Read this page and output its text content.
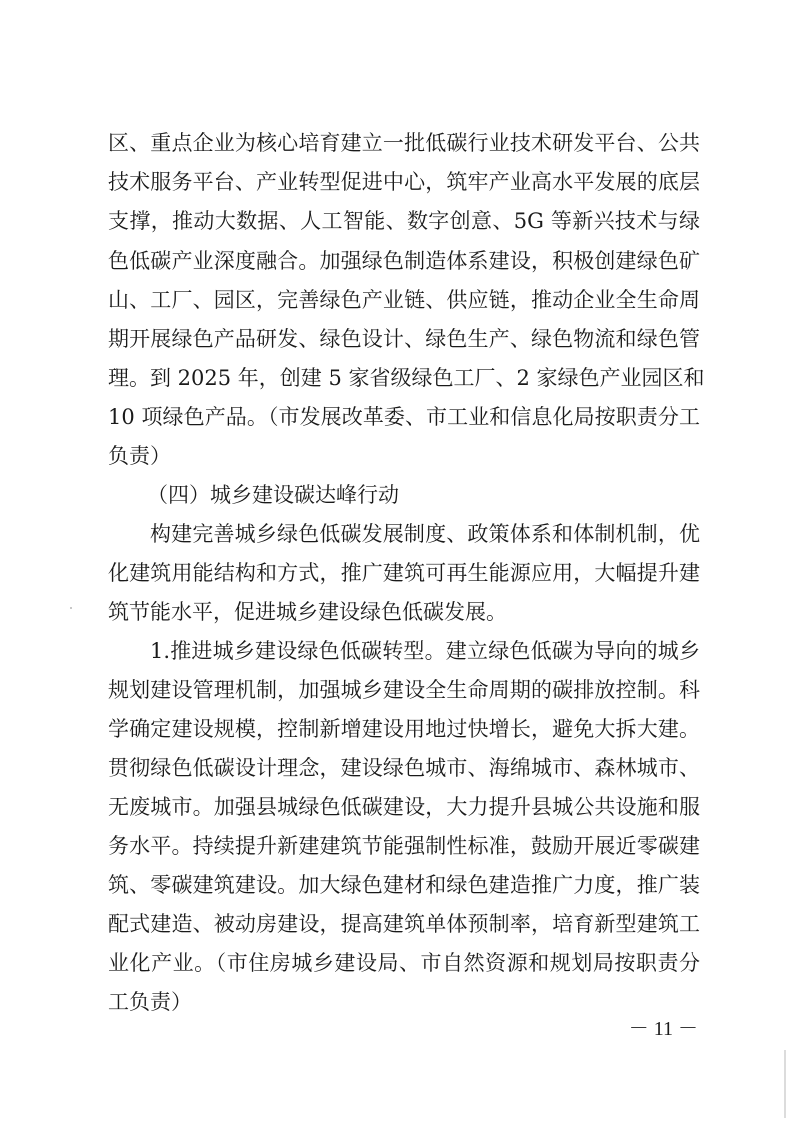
区、重点企业为核心培育建立一批低碳行业技术研发平台、公共
技术服务平台、产业转型促进中心，筑牢产业高水平发展的底层
支撑，推动大数据、人工智能、数字创意、5G 等新兴技术与绿
色低碳产业深度融合。加强绿色制造体系建设，积极创建绿色矿
山、工厂、园区，完善绿色产业链、供应链，推动企业全生命周
期开展绿色产品研发、绿色设计、绿色生产、绿色物流和绿色管
理。到 2025 年，创建 5 家省级绿色工厂、2 家绿色产业园区和
10 项绿色产品。（市发展改革委、市工业和信息化局按职责分工
负责）
（四）城乡建设碳达峰行动
构建完善城乡绿色低碳发展制度、政策体系和体制机制，优
化建筑用能结构和方式，推广建筑可再生能源应用，大幅提升建
筑节能水平，促进城乡建设绿色低碳发展。
1.推进城乡建设绿色低碳转型。建立绿色低碳为导向的城乡
规划建设管理机制，加强城乡建设全生命周期的碳排放控制。科
学确定建设规模，控制新增建设用地过快增长，避免大拆大建。
贯彻绿色低碳设计理念，建设绿色城市、海绵城市、森林城市、
无废城市。加强县城绿色低碳建设，大力提升县城公共设施和服
务水平。持续提升新建建筑节能强制性标准，鼓励开展近零碳建
筑、零碳建筑建设。加大绿色建材和绿色建造推广力度，推广装
配式建造、被动房建设，提高建筑单体预制率，培育新型建筑工
业化产业。（市住房城乡建设局、市自然资源和规划局按职责分
工负责）
－ 11 －
